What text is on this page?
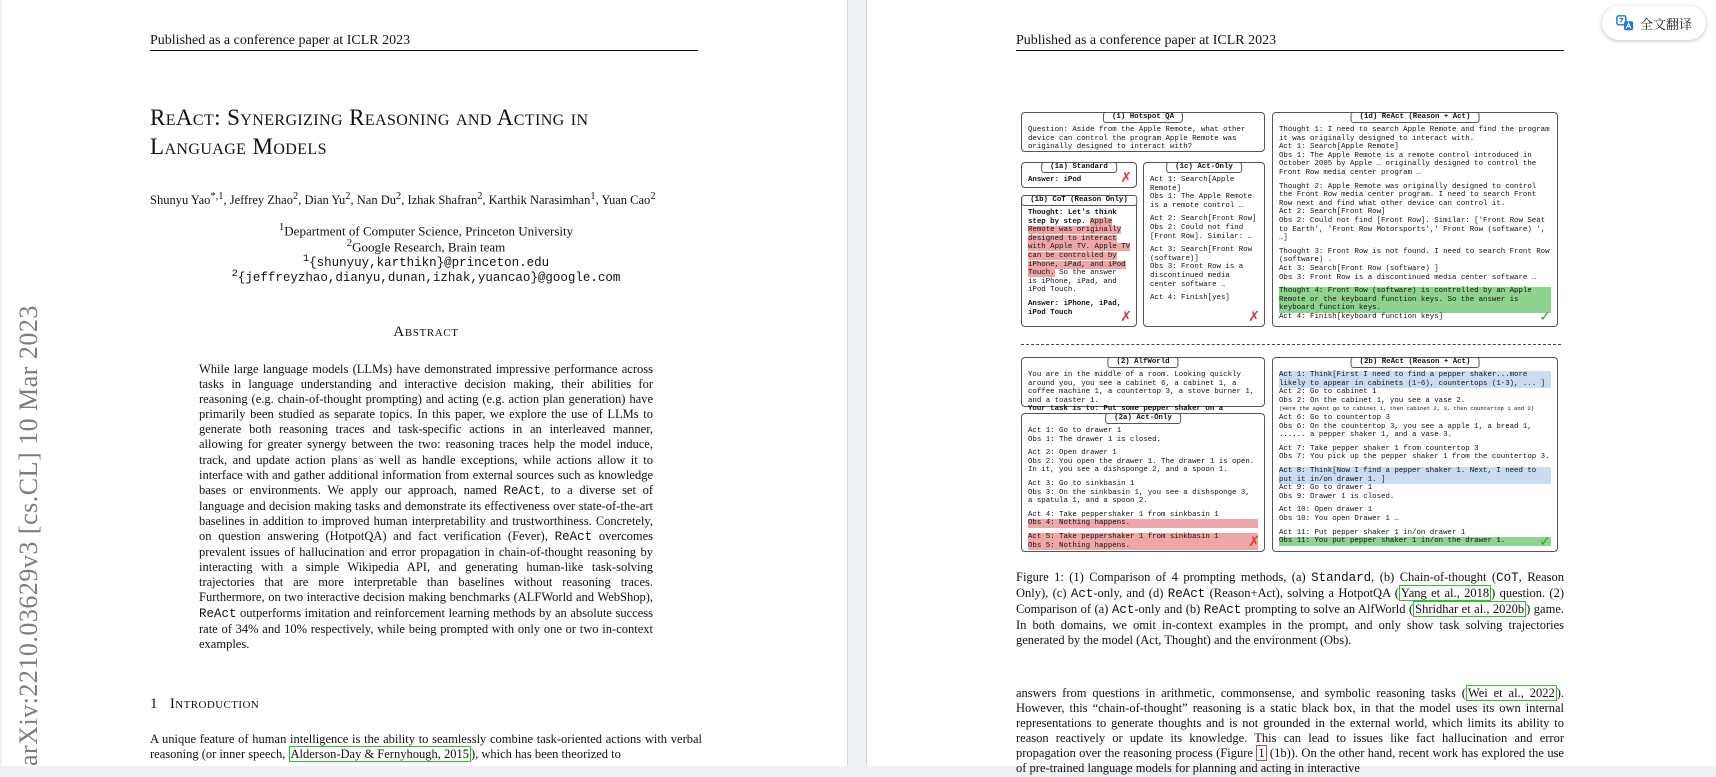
Published as a conference paper at ICLR 2023
arXiv:2210.03629v3 [cs.CL] 10 Mar 2023
ReAct: Synergizing Reasoning and Acting in
Language Models
Shunyu Yao$^{*,1}$, Jeffrey Zhao$^2$, Dian Yu$^2$, Nan Du$^2$, Izhak Shafran$^2$, Karthik Narasimhan$^1$, Yuan Cao$^2$
$^1$Department of Computer Science, Princeton University
$^2$Google Research, Brain team
$^1${shunyuy,karthikn}@princeton.edu
$^2${jeffreyzhao,dianyu,dunan,izhak,yuancao}@google.com
Abstract
While large language models (LLMs) have demonstrated impressive performance across tasks in language understanding and interactive decision making, their abilities for reasoning (e.g. chain-of-thought prompting) and acting (e.g. action plan generation) have primarily been studied as separate topics. In this paper, we explore the use of LLMs to generate both reasoning traces and task-specific actions in an interleaved manner, allowing for greater synergy between the two: reasoning traces help the model induce, track, and update action plans as well as handle exceptions, while actions allow it to interface with and gather additional information from external sources such as knowledge bases or environments. We apply our approach, named ReAct, to a diverse set of language and decision making tasks and demonstrate its effectiveness over state-of-the-art baselines in addition to improved human interpretability and trustworthiness. Concretely, on question answering (HotpotQA) and fact verification (Fever), ReAct overcomes prevalent issues of hallucination and error propagation in chain-of-thought reasoning by interacting with a simple Wikipedia API, and generating human-like task-solving trajectories that are more interpretable than baselines without reasoning traces. Furthermore, on two interactive decision making benchmarks (ALFWorld and WebShop), ReAct outperforms imitation and reinforcement learning methods by an absolute success rate of 34% and 10% respectively, while being prompted with only one or two in-context examples.
1 Introduction
A unique feature of human intelligence is the ability to seamlessly combine task-oriented actions with verbal reasoning (or inner speech, Alderson-Day & Fernyhough, 2015 ), which has been theorized to
Published as a conference paper at ICLR 2023
(1) Hotspot QA
Question: Aside from the Apple Remote, what other device can control the program Apple Remote was originally designed to interact with?
(1a) Standard
Answer: iPod	✗
(1b) CoT (Reason Only)
Thought: Let's think step by step. Apple Remote was originally designed to interact with Apple TV. Apple TV can be controlled by iPhone, iPad, and iPod Touch. So the answer is iPhone, iPad, and iPod Touch.
Answer: iPhone, iPad, iPod Touch	✗
(1c) Act-Only
Act 1: Search[Apple Remote]
Obs 1: The Apple Remote is a remote control …
Act 2: Search[Front Row]
Obs 2: Could not find [Front Row]. Similar: …
Act 3: Search[Front Row (software)]
Obs 3: Front Row is a discontinued media center software …
Act 4: Finish[yes]
✗
(1d) ReAct (Reason + Act)
Thought 1: I need to search Apple Remote and find the program it was originally designed to interact with.
Act 1: Search[Apple Remote]
Obs 1: The Apple Remote is a remote control introduced in October 2005 by Apple … originally designed to control the Front Row media center program …
Thought 2: Apple Remote was originally designed to control the Front Row media center program. I need to search Front Row next and find what other device can control it.
Act 2: Search[Front Row]
Obs 2: Could not find [Front Row]. Similar: ['Front Row Seat to Earth', 'Front Row Motorsports',' Front Row (software) ', …]
Thought 3: Front Row is not found. I need to search Front Row (software) .
Act 3: Search[Front Row (software) ]
Obs 3: Front Row is a discontinued media center software …
Thought 4: Front Row (software) is controlled by an Apple Remote or the keyboard function keys. So the answer is keyboard function keys.
Act 4: Finish[keyboard function keys]	✓
(2) AlfWorld
You are in the middle of a room. Looking quickly around you, you see a cabinet 6, a cabinet 1, a coffee machine 1, a countertop 3, a stove burner 1, and a toaster 1.
Your task is to: Put some pepper shaker on a
(2a) Act-Only
Act 1: Go to drawer 1
Obs 1: The drawer 1 is closed.
Act 2: Open drawer 1
Obs 2: You open the drawer 1. The drawer 1 is open. In it, you see a dishsponge 2, and a spoon 1.
Act 3: Go to sinkbasin 1
Obs 3: On the sinkbasin 1, you see a dishsponge 3, a spatula 1, and a spoon 2.
Act 4: Take peppershaker 1 from sinkbasin 1
Obs 4: Nothing happens.
Act 5: Take peppershaker 1 from sinkbasin 1
Obs 5: Nothing happens.	✗
(2b) ReAct (Reason + Act)
Act 1: Think[First I need to find a pepper shaker...more likely to appear in cabinets (1-6), countertops (1-3), ... ]
Act 2: Go to cabinet 1
Obs 2: On the cabinet 1, you see a vase 2.
(Here the agent go to cabinet 1, then cabinet 2, 3, then countertop 1 and 2)
Act 6: Go to countertop 3
Obs 6: On the countertop 3, you see a apple 1, a bread 1, ...... a pepper shaker 1, and a vase 3.
Act 7: Take pepper shaker 1 from countertop 3
Obs 7: You pick up the pepper shaker 1 from the countertop 3.
Act 8: Think[Now I find a pepper shaker 1. Next, I need to put it in/on drawer 1. ]
Act 9: Go to drawer 1
Obs 9: Drawer 1 is closed.
Act 10: Open drawer 1
Obs 10: You open Drawer 1 …
Act 11: Put pepper shaker 1 in/on drawer 1
Obs 11: You put pepper shaker 1 in/on the drawer 1.	✓
Figure 1: (1) Comparison of 4 prompting methods, (a) Standard, (b) Chain-of-thought (CoT, Reason Only), (c) Act-only, and (d) ReAct (Reason+Act), solving a HotpotQA ( Yang et al., 2018 ) question. (2) Comparison of (a) Act-only and (b) ReAct prompting to solve an AlfWorld ( Shridhar et al., 2020b ) game. In both domains, we omit in-context examples in the prompt, and only show task solving trajectories generated by the model (Act, Thought) and the environment (Obs).
answers from questions in arithmetic, commonsense, and symbolic reasoning tasks ( Wei et al., 2022 ). However, this “chain-of-thought” reasoning is a static black box, in that the model uses its own internal representations to generate thoughts and is not grounded in the external world, which limits its ability to reason reactively or update its knowledge. This can lead to issues like fact hallucination and error propagation over the reasoning process (Figure 1 (1b)). On the other hand, recent work has explored the use of pre-trained language models for planning and acting in interactive
全文翻译
